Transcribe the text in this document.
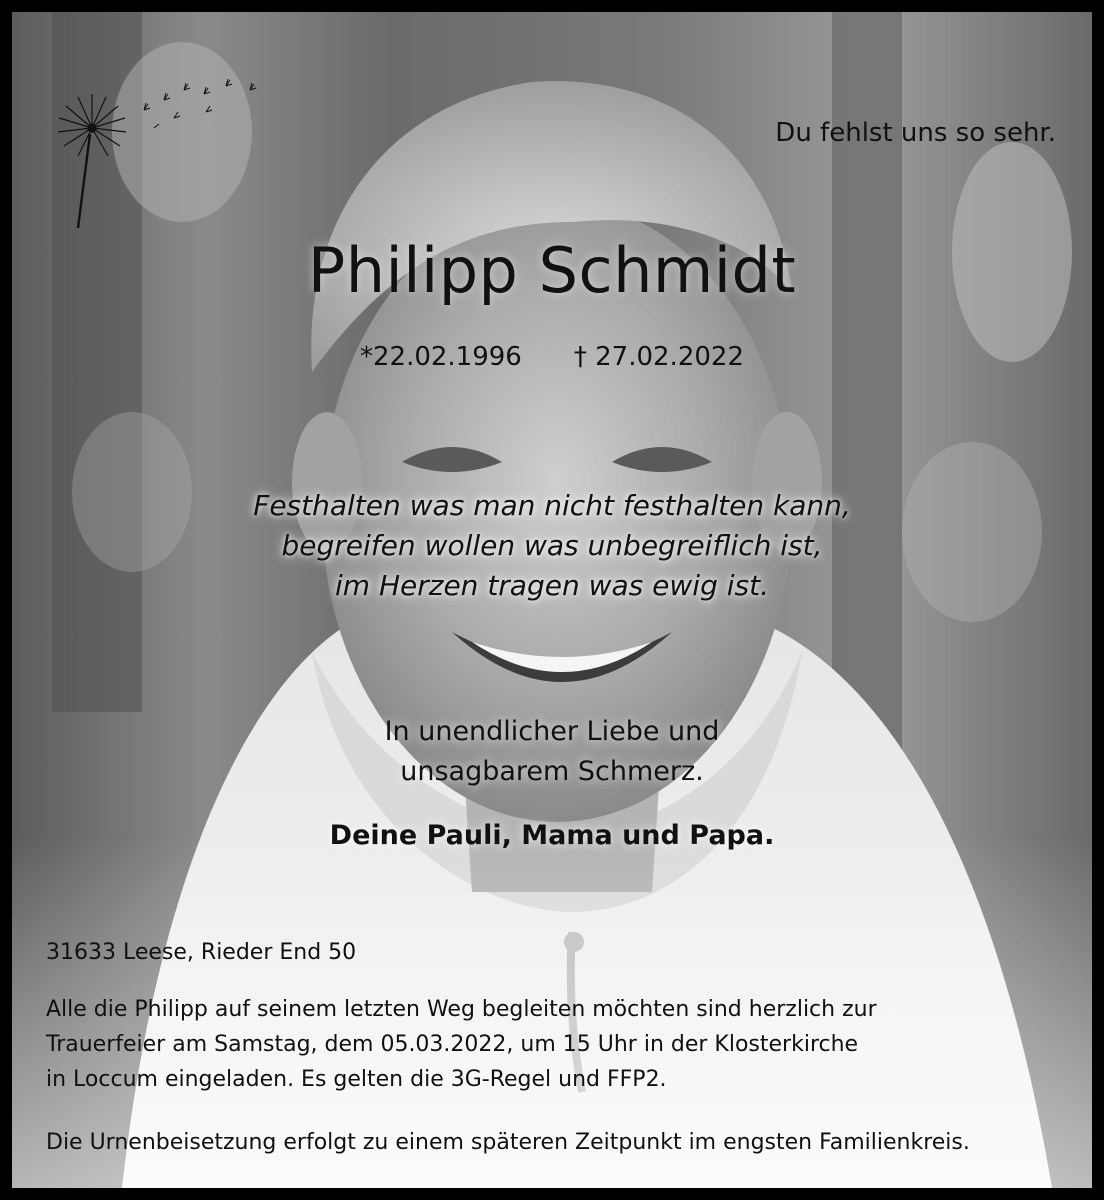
Du fehlst uns so sehr.

Philipp Schmidt

*22.02.1996 † 27.02.2022

Festhalten was man nicht festhalten kann,
begreifen wollen was unbegreiflich ist,
im Herzen tragen was ewig ist.
In unendlicher Liebe und
unsagbarem Schmerz.

Deine Pauli, Mama und Papa.

31633 Leese, Rieder End 50

Alle die Philipp auf seinem letzten Weg begleiten möchten sind herzlich zur
Trauerfeier am Samstag, dem 05.03.2022, um 15 Uhr in der Klosterkirche
in Loccum eingeladen. Es gelten die 3G-Regel und FFP2.

Die Urnenbeisetzung erfolgt zu einem späteren Zeitpunkt im engsten Familienkreis.
